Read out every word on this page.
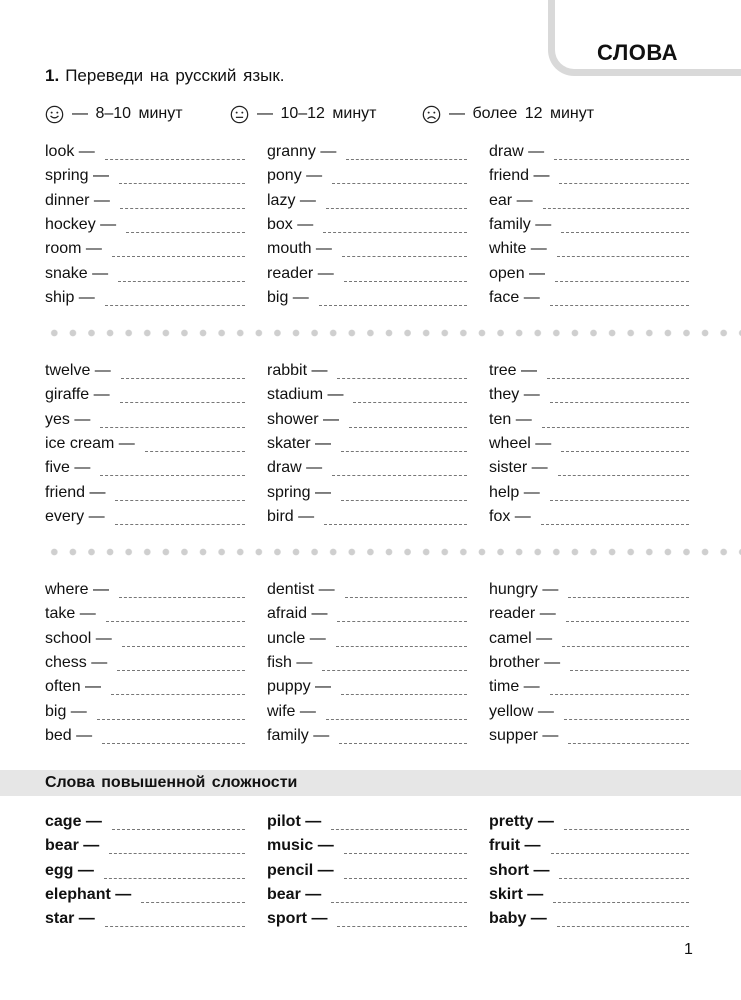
СЛОВА
1. Переведи на русский язык.
— 8–10 минут	— 10–12 минут	— более 12 минут
look —
spring —
dinner —
hockey —
room —
snake —
ship —
granny —
pony —
lazy —
box —
mouth —
reader —
big —
draw —
friend —
ear —
family —
white —
open —
face —
twelve —
giraffe —
yes —
ice cream —
five —
friend —
every —
rabbit —
stadium —
shower —
skater —
draw —
spring —
bird —
tree —
they —
ten —
wheel —
sister —
help —
fox —
where —
take —
school —
chess —
often —
big —
bed —
dentist —
afraid —
uncle —
fish —
puppy —
wife —
family —
hungry —
reader —
camel —
brother —
time —
yellow —
supper —
Слова повышенной сложности
cage —
bear —
egg —
elephant —
star —
pilot —
music —
pencil —
bear —
sport —
pretty —
fruit —
short —
skirt —
baby —
1
